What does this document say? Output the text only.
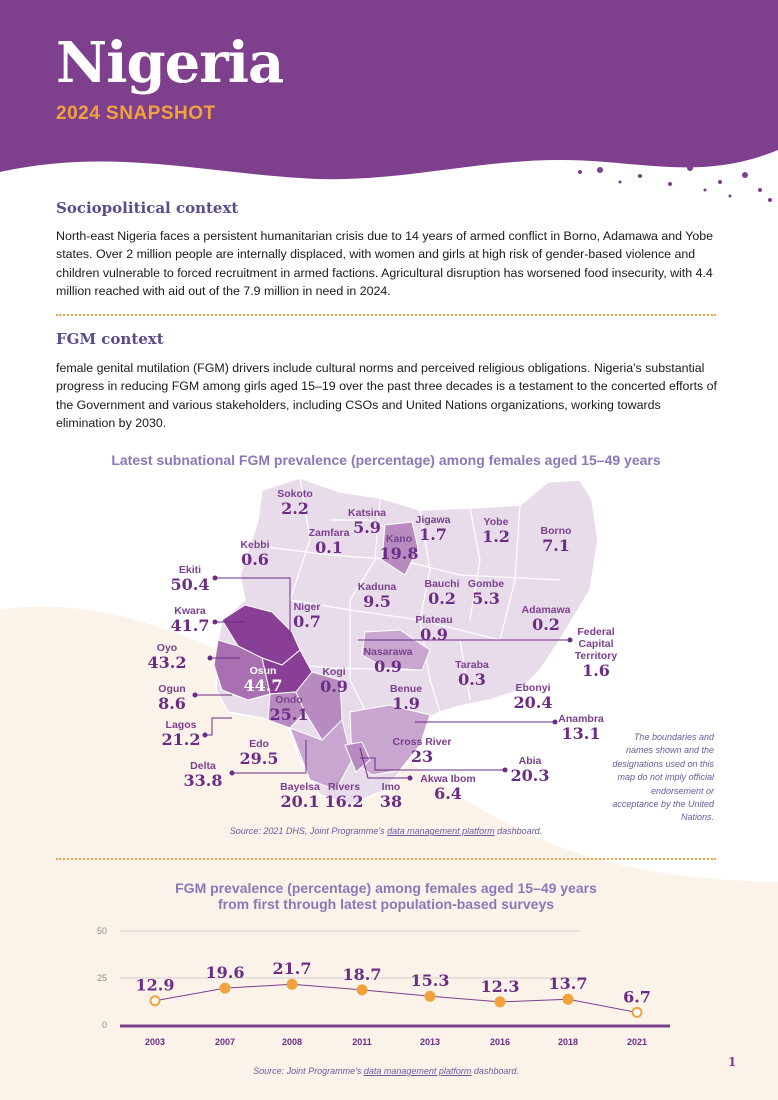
Nigeria
2024 SNAPSHOT
Sociopolitical context
North-east Nigeria faces a persistent humanitarian crisis due to 14 years of armed conflict in Borno, Adamawa and Yobe states. Over 2 million people are internally displaced, with women and girls at high risk of gender-based violence and children vulnerable to forced recruitment in armed factions. Agricultural disruption has worsened food insecurity, with 4.4 million reached with aid out of the 7.9 million in need in 2024.
FGM context
female genital mutilation (FGM) drivers include cultural norms and perceived religious obligations. Nigeria's substantial progress in reducing FGM among girls aged 15–19 over the past three decades is a testament to the concerted efforts of the Government and various stakeholders, including CSOs and United Nations organizations, working towards elimination by 2030.
Latest subnational FGM prevalence (percentage) among females aged 15–49 years
Sokoto
2.2	Katsina
5.9	Jigawa
1.7
Yobe
1.2	Borno
7.1
Zamfara
0.1	Kano
19.8
Kebbi
0.6
Kaduna
9.5
Bauchi
0.2
Gombe
5.3
Adamawa
0.2
Niger
0.7	Plateau
0.9
Nasarawa
0.9	Taraba
0.3
Kogi
0.9	Benue
1.9
Ebonyi
20.4
Osun
44.7
Ondo
25.1
Cross River
23
Ekiti
50.4
Kwara
41.7
Oyo
43.2
Ogun
8.6
Lagos
21.2	Edo
29.5
Delta
33.8	Bayelsa
20.1
Rivers
16.2
Imo
38
Akwa Ibom
6.4
Abia
20.3
Anambra
13.1
Federal
Capital
Territory
1.6
The boundaries and names shown and the designations used on this map do not imply official endorsement or acceptance by the United Nations.
Source: 2021 DHS, Joint Programme's data management platform dashboard.
FGM prevalence (percentage) among females aged 15–49 years
from first through latest population-based surveys
50
25
0
12.9
2003
19.6
2007
21.7
2008
18.7
2011
15.3
2013
12.3
2016
13.7
2018
6.7
2021
Source: Joint Programme's data management platform dashboard.
1
